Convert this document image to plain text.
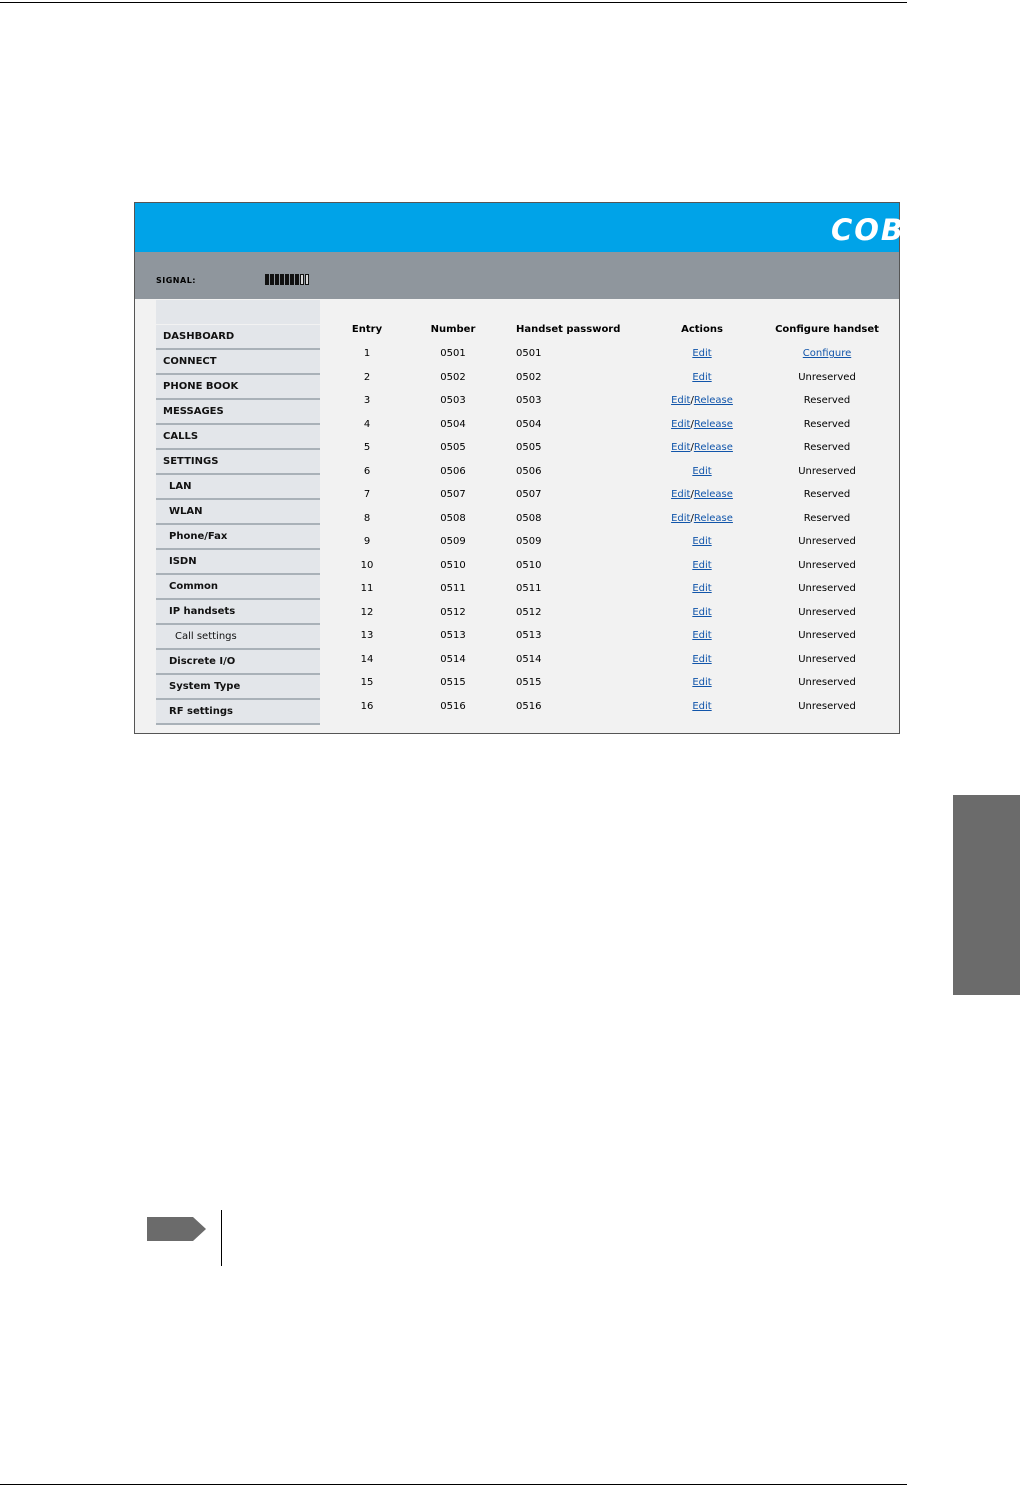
COBHAM
SIGNAL:
DASHBOARD
CONNECT
PHONE BOOK
MESSAGES
CALLS
SETTINGS
LAN
WLAN
Phone/Fax
ISDN
Common
IP handsets
Call settings
Discrete I/O
System Type
RF settings
Entry	Number	Handset password	Actions	Configure handset
1	0501	0501	Edit	Configure
2	0502	0502	Edit	Unreserved
3	0503	0503	Edit/Release	Reserved
4	0504	0504	Edit/Release	Reserved
5	0505	0505	Edit/Release	Reserved
6	0506	0506	Edit	Unreserved
7	0507	0507	Edit/Release	Reserved
8	0508	0508	Edit/Release	Reserved
9	0509	0509	Edit	Unreserved
10	0510	0510	Edit	Unreserved
11	0511	0511	Edit	Unreserved
12	0512	0512	Edit	Unreserved
13	0513	0513	Edit	Unreserved
14	0514	0514	Edit	Unreserved
15	0515	0515	Edit	Unreserved
16	0516	0516	Edit	Unreserved
